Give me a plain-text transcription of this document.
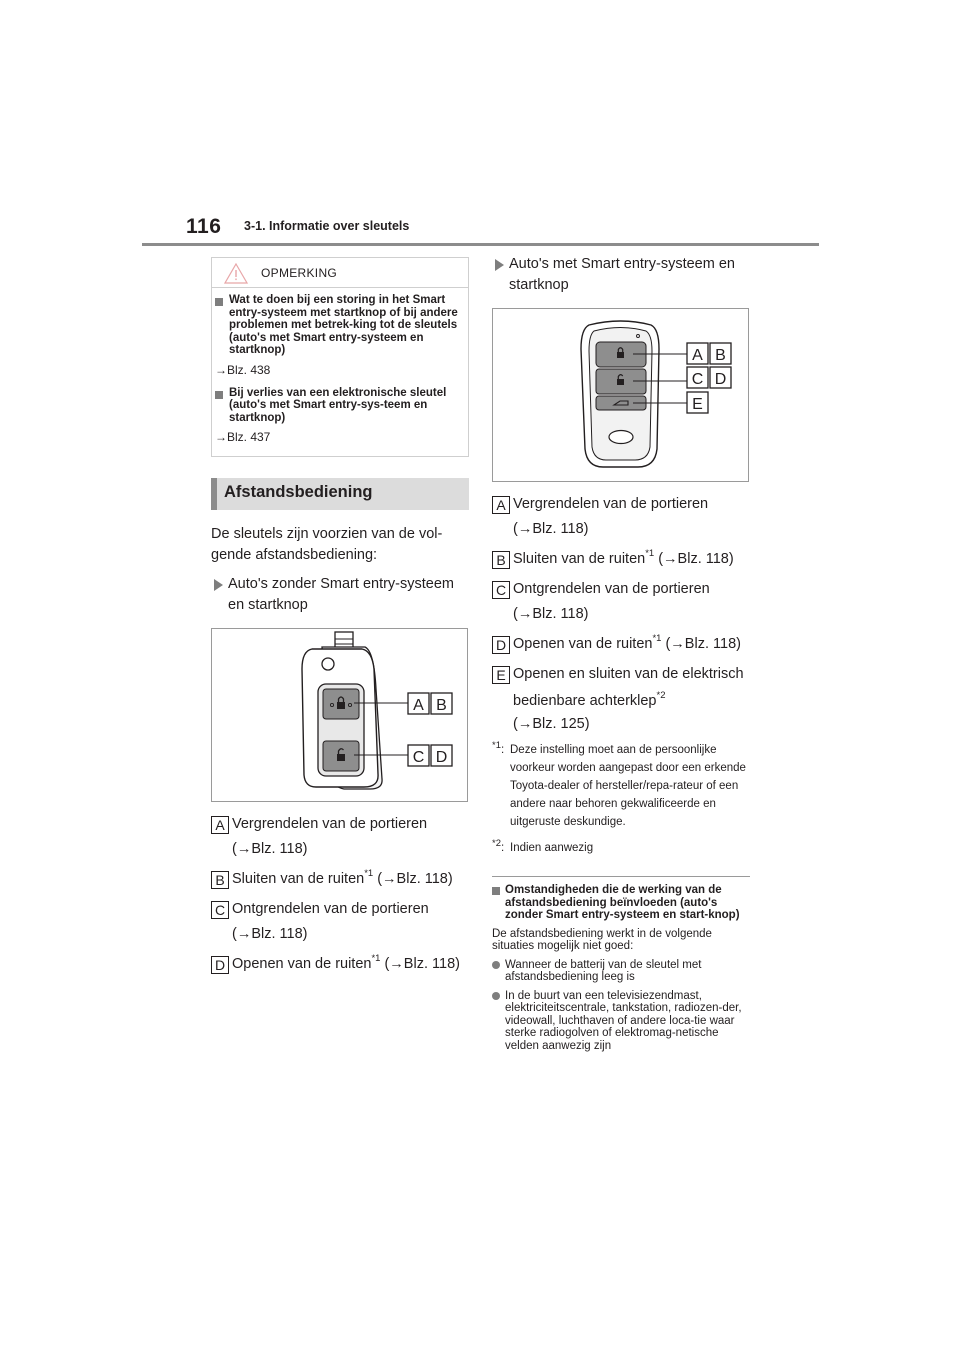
116 3-1. Informatie over sleutels
OPMERKING
Wat te doen bij een storing in het Smart entry-systeem met startknop of bij andere problemen met betrek-king tot de sleutels (auto's met Smart entry-systeem en startknop)
→Blz. 438
Bij verlies van een elektronische sleutel (auto's met Smart entry-sys-teem en startknop)
→Blz. 437
Afstandsbediening
De sleutels zijn voorzien van de vol-gende afstandsbediening:
Auto's zonder Smart entry-systeem en startknop
A B
C D
A Vergrendelen van de portieren
(→Blz. 118)
B Sluiten van de ruiten$^{*1}$ (→Blz. 118)
C Ontgrendelen van de portieren
(→Blz. 118)
D Openen van de ruiten$^{*1}$ (→Blz. 118)
Auto's met Smart entry-systeem en startknop
A B
C D
E
A Vergrendelen van de portieren
(→Blz. 118)
B Sluiten van de ruiten$^{*1}$ (→Blz. 118)
C Ontgrendelen van de portieren
(→Blz. 118)
D Openen van de ruiten$^{*1}$ (→Blz. 118)
E Openen en sluiten van de elektrisch
bedienbare achterklep$^{*2}$
(→Blz. 125)
$^{*1}$: Deze instelling moet aan de persoonlijke voorkeur worden aangepast door een erkende Toyota-dealer of hersteller/repa-rateur of een andere naar behoren gekwalificeerde en uitgeruste deskundige.
$^{*2}$: Indien aanwezig
Omstandigheden die de werking van de afstandsbediening beïnvloeden (auto's zonder Smart entry-systeem en start-knop)
De afstandsbediening werkt in de volgende situaties mogelijk niet goed:
Wanneer de batterij van de sleutel met afstandsbediening leeg is
In de buurt van een televisiezendmast, elektriciteitscentrale, tankstation, radiozen-der, videowall, luchthaven of andere loca-tie waar sterke radiogolven of elektromag-netische velden aanwezig zijn
